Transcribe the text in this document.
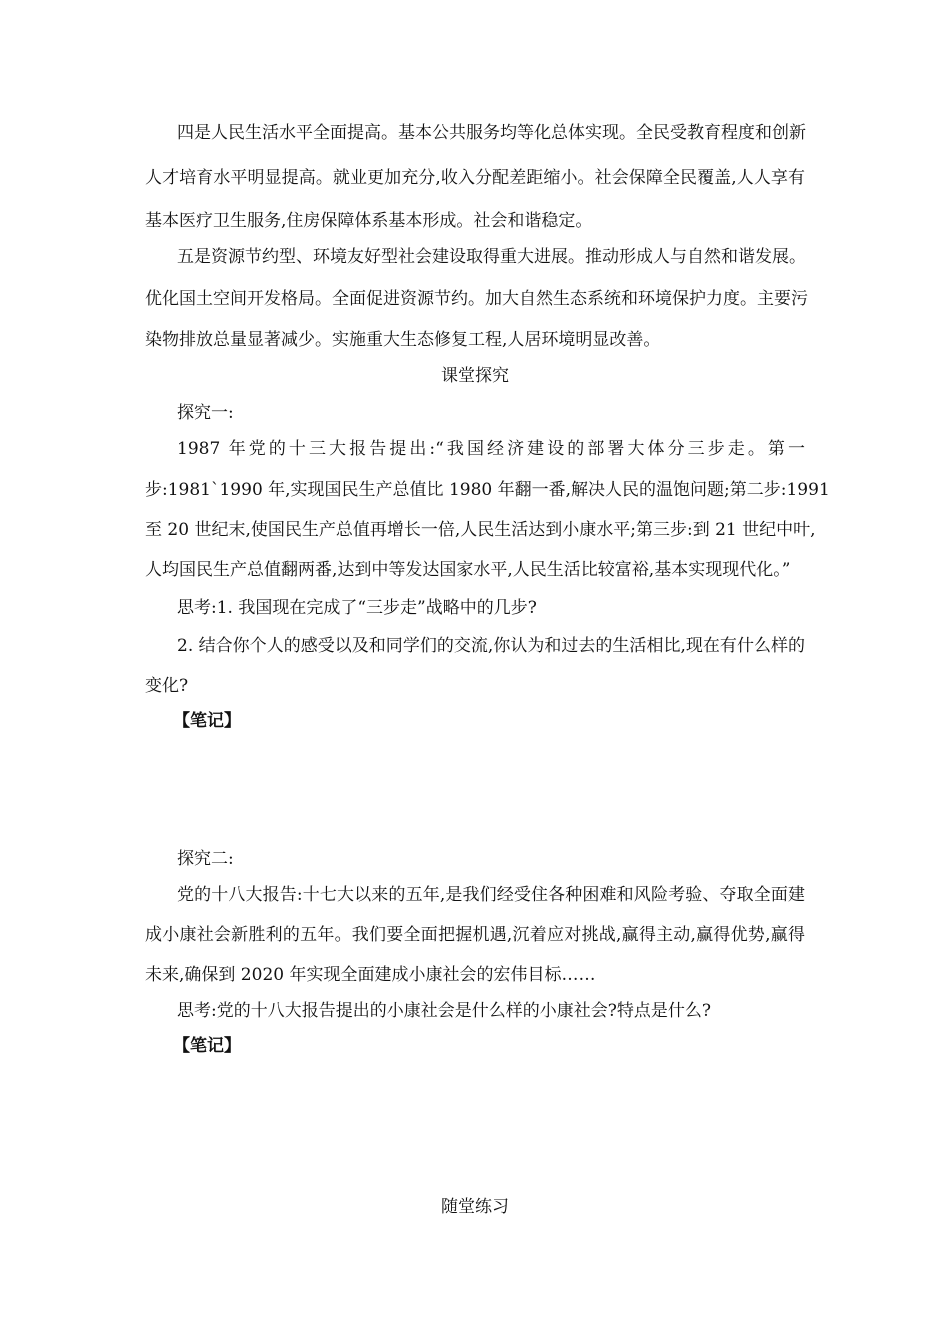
四是人民生活水平全面提高。基本公共服务均等化总体实现。全民受教育程度和创新

人才培育水平明显提高。就业更加充分,收入分配差距缩小。社会保障全民覆盖,人人享有

基本医疗卫生服务,住房保障体系基本形成。社会和谐稳定。

五是资源节约型、环境友好型社会建设取得重大进展。推动形成人与自然和谐发展。

优化国土空间开发格局。全面促进资源节约。加大自然生态系统和环境保护力度。主要污

染物排放总量显著减少。实施重大生态修复工程,人居环境明显改善。

课堂探究

探究一:

1987 年党的十三大报告提出:“我国经济建设的部署大体分三步走。第一

步:1981`1990 年,实现国民生产总值比 1980 年翻一番,解决人民的温饱问题;第二步:1991

至 20 世纪末,使国民生产总值再增长一倍,人民生活达到小康水平;第三步:到 21 世纪中叶,

人均国民生产总值翻两番,达到中等发达国家水平,人民生活比较富裕,基本实现现代化。”

思考:1. 我国现在完成了“三步走”战略中的几步?

2. 结合你个人的感受以及和同学们的交流,你认为和过去的生活相比,现在有什么样的

变化?

【笔记】

探究二:

党的十八大报告:十七大以来的五年,是我们经受住各种困难和风险考验、夺取全面建

成小康社会新胜利的五年。我们要全面把握机遇,沉着应对挑战,赢得主动,赢得优势,赢得

未来,确保到 2020 年实现全面建成小康社会的宏伟目标……

思考:党的十八大报告提出的小康社会是什么样的小康社会?特点是什么?

【笔记】

随堂练习
